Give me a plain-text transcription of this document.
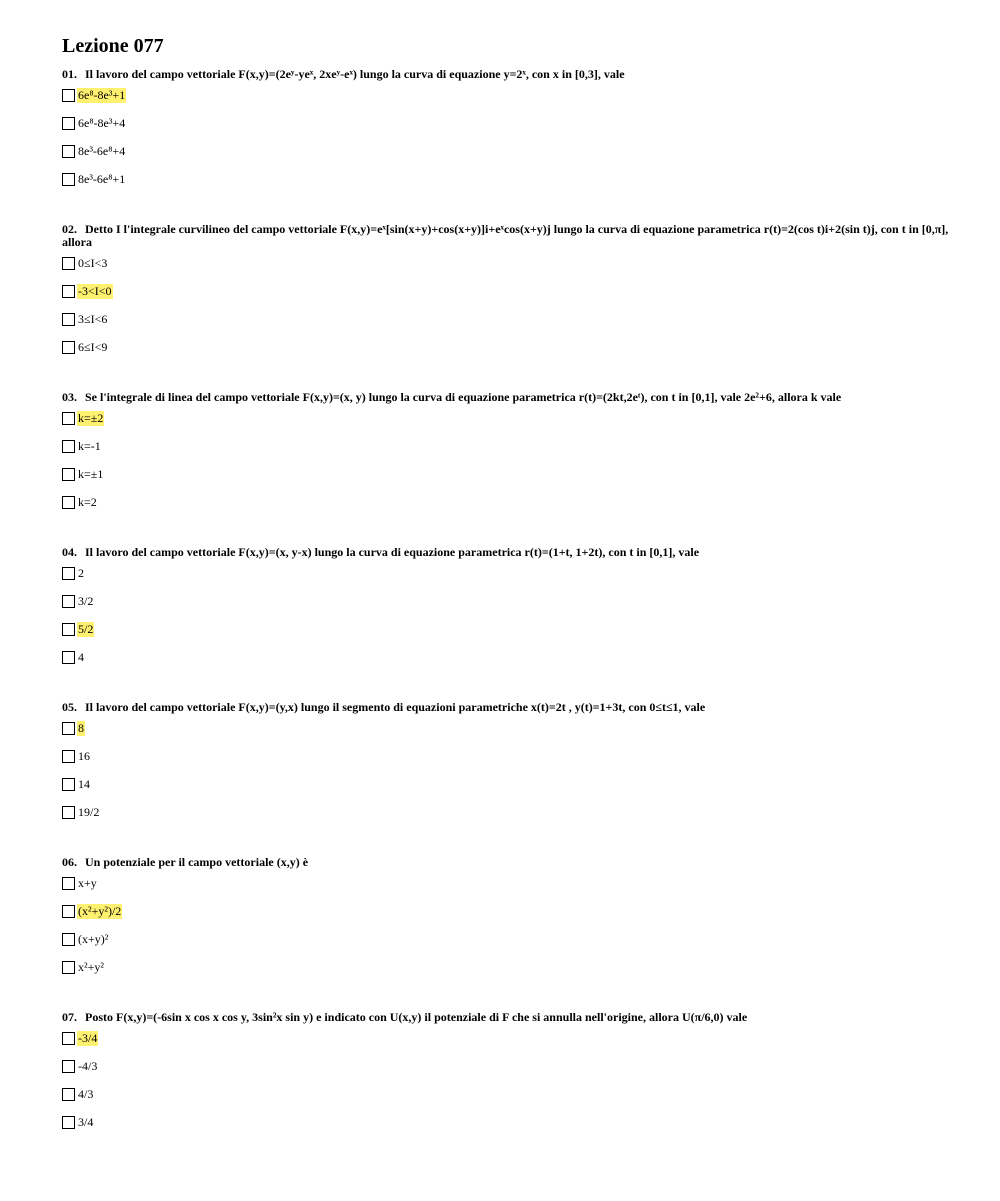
Lezione 077
01. Il lavoro del campo vettoriale F(x,y)=(2eʸ-yeˣ, 2xeʸ-eˣ) lungo la curva di equazione y=2ˣ, con x in [0,3], vale
6e⁸-8e³+1
6e⁸-8e³+4
8e³-6e⁸+4
8e³-6e⁸+1
02. Detto I l'integrale curvilineo del campo vettoriale F(x,y)=eˣ[sin(x+y)+cos(x+y)]i+eˣcos(x+y)j lungo la curva di equazione parametrica r(t)=2(cos t)i+2(sin t)j, con t in [0,π], allora
0≤I<3
-3<I<0
3≤I<6
6≤I<9
03. Se l'integrale di linea del campo vettoriale F(x,y)=(x, y) lungo la curva di equazione parametrica r(t)=(2kt,2eᵗ), con t in [0,1], vale 2e²+6, allora k vale
k=±2
k=-1
k=±1
k=2
04. Il lavoro del campo vettoriale F(x,y)=(x, y-x) lungo la curva di equazione parametrica r(t)=(1+t, 1+2t), con t in [0,1], vale
2
3/2
5/2
4
05. Il lavoro del campo vettoriale F(x,y)=(y,x) lungo il segmento di equazioni parametriche x(t)=2t , y(t)=1+3t, con 0≤t≤1, vale
8
16
14
19/2
06. Un potenziale per il campo vettoriale (x,y) è
x+y
(x²+y²)/2
(x+y)²
x²+y²
07. Posto F(x,y)=(-6sin x cos x cos y, 3sin²x sin y) e indicato con U(x,y) il potenziale di F che si annulla nell'origine, allora U(π/6,0) vale
-3/4
-4/3
4/3
3/4
